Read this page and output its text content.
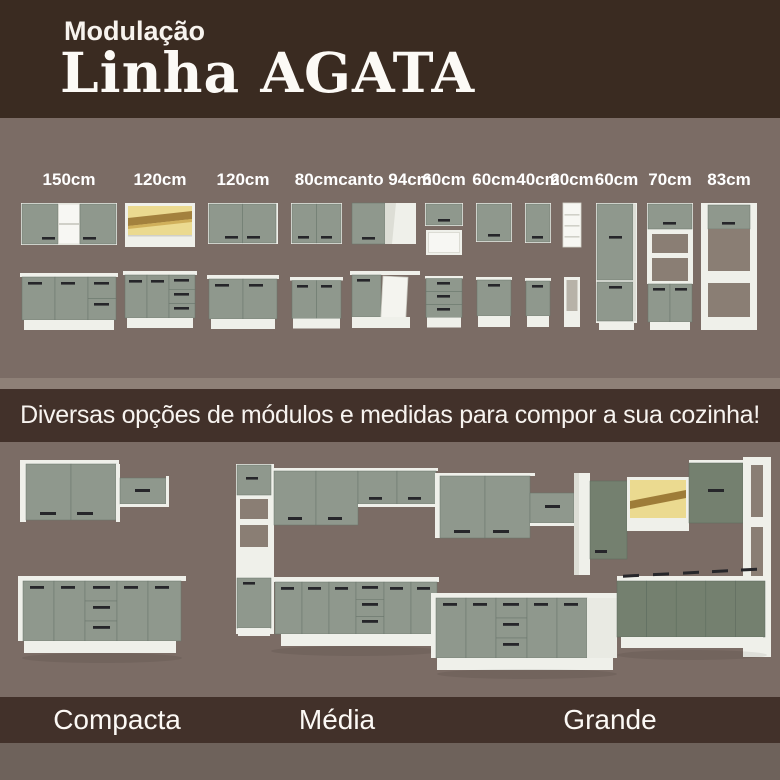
Modulação
Linha AGATA
150cm	120cm	120cm	80cm canto 94cm
60cm 60cm 40cm
20cm 60cm 70cm 83cm
Diversas opções de módulos e medidas para compor a sua cozinha!
Compacta	Média	Grande
